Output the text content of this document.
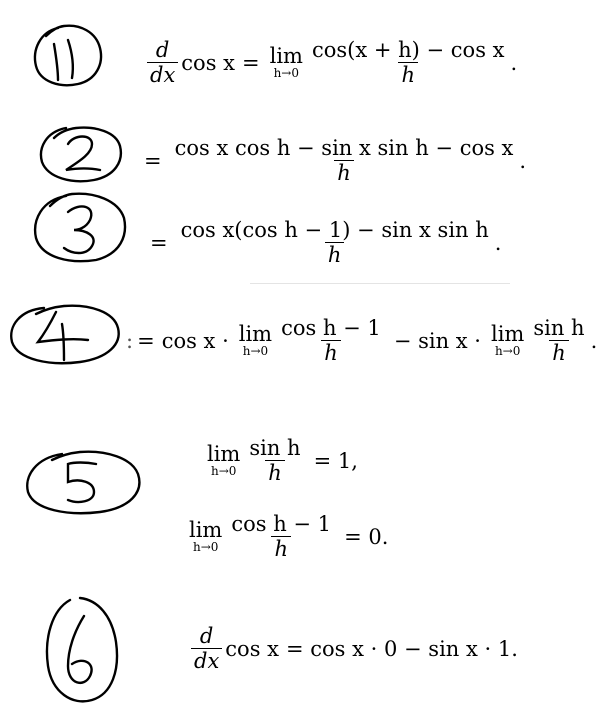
$\frac{d}{dx}$ cos x = lim
$h\to 0 \frac{\text{cos(x + h) − cos x}}{h}$ .
= $\frac{\text{cos x cos h − sin x sin h − cos x}}{h}$ .
= $\frac{\text{cos x(cos h − 1) − sin x sin h}}{h}$ .
: = cos x · lim
$h\to 0 \frac{\text{cos h − 1}}{h} - \sin x \cdot \lim$
$h\to 0 \frac{\text{sin h}}{h}$ .
lim
$h\to 0 \frac{\text{sin h}}{h} = 1$,
lim
$h\to 0 \frac{\text{cos h − 1}}{h} = 0$.
$\frac{d}{dx}$ cos x = cos x · 0 − sin x · 1.
